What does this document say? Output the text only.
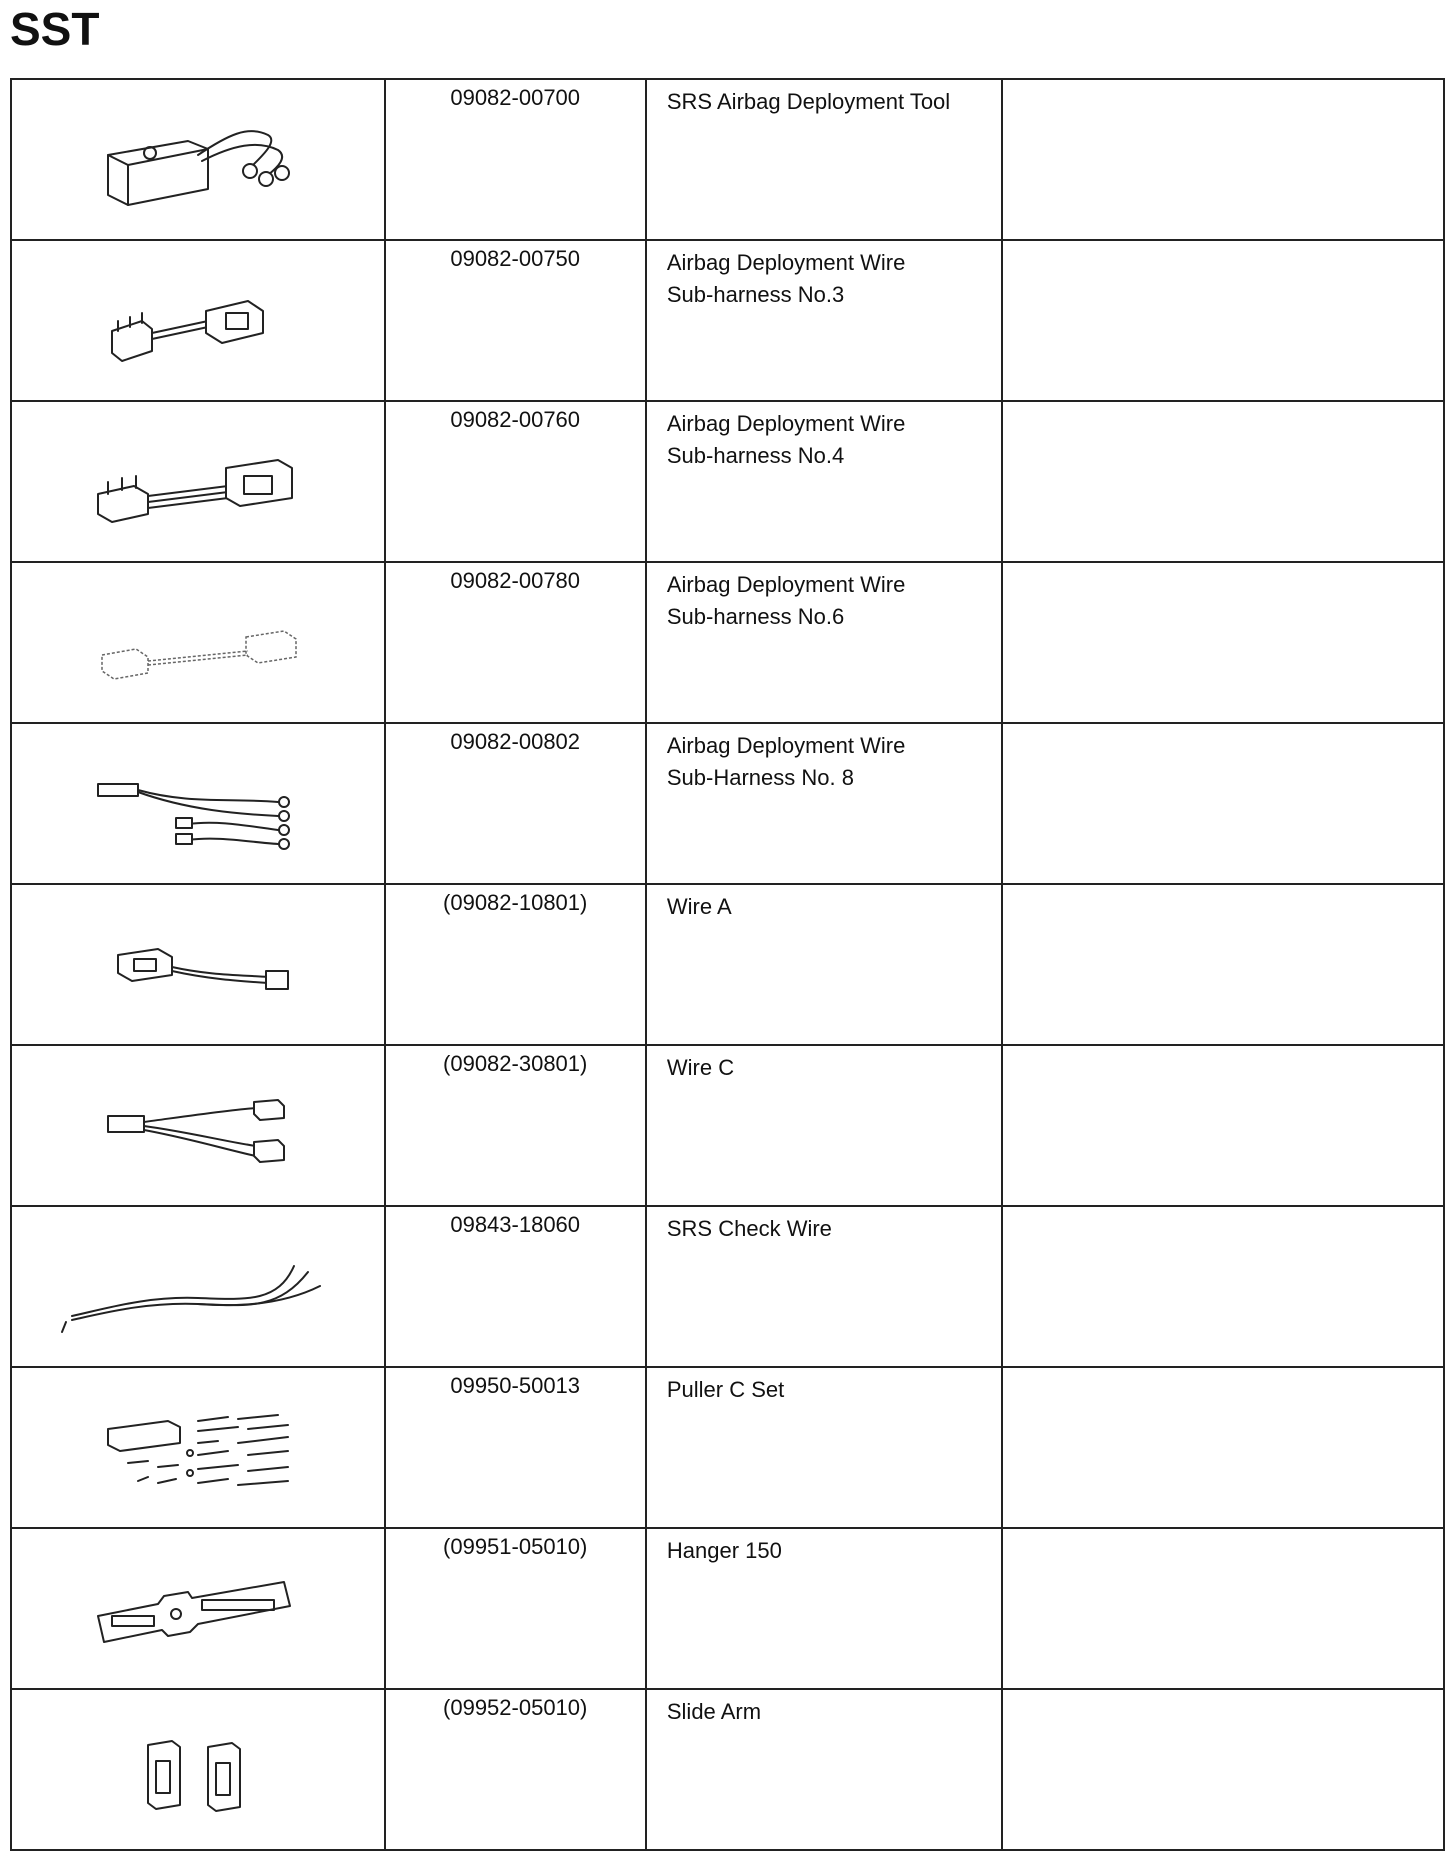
SST

09082-00700	SRS Airbag Deployment Tool	

09082-00750	Airbag Deployment Wire
Sub-harness No.3	

09082-00760	Airbag Deployment Wire
Sub-harness No.4	

09082-00780	Airbag Deployment Wire
Sub-harness No.6	

09082-00802	Airbag Deployment Wire
Sub-Harness No. 8	

(09082-10801)	Wire A	

(09082-30801)	Wire C	

09843-18060	SRS Check Wire	

09950-50013	Puller C Set	

(09951-05010)	Hanger 150	

(09952-05010)	Slide Arm	
